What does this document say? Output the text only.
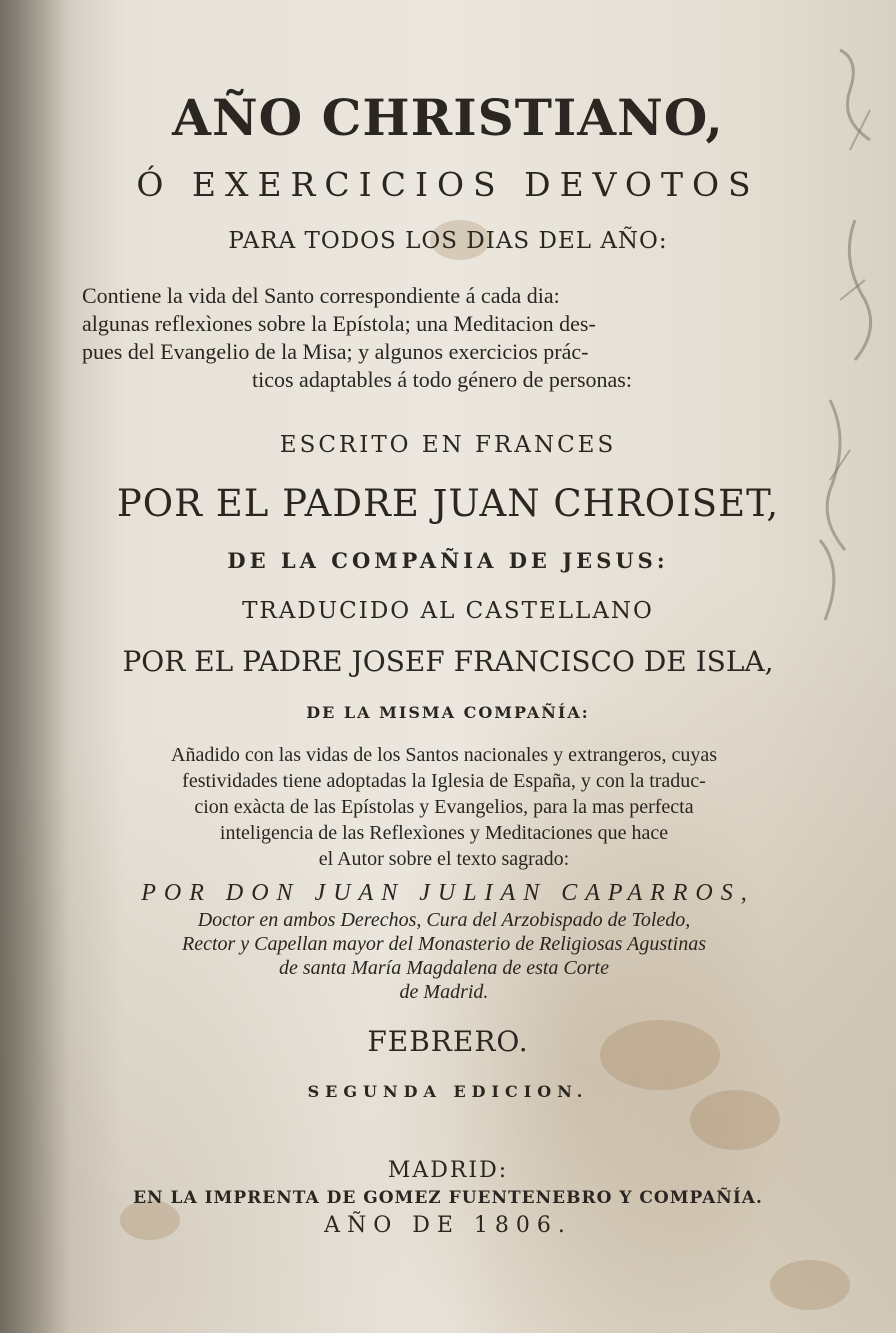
AÑO CHRISTIANO,
Ó EXERCICIOS DEVOTOS
PARA TODOS LOS DIAS DEL AÑO:
Contiene la vida del Santo correspondiente á cada dia:
algunas reflexìones sobre la Epístola; una Meditacion des-
pues del Evangelio de la Misa; y algunos exercicios prác-
ticos adaptables á todo género de personas:
ESCRITO EN FRANCES
POR EL PADRE JUAN CHROISET,
DE LA COMPAÑIA DE JESUS:
TRADUCIDO AL CASTELLANO
POR EL PADRE JOSEF FRANCISCO DE ISLA,
DE LA MISMA COMPAÑÍA:
Añadido con las vidas de los Santos nacionales y extrangeros, cuyas
festividades tiene adoptadas la Iglesia de España, y con la traduc-
cion exàcta de las Epístolas y Evangelios, para la mas perfecta
inteligencia de las Reflexìones y Meditaciones que hace
el Autor sobre el texto sagrado:
POR DON JUAN JULIAN CAPARROS,
Doctor en ambos Derechos, Cura del Arzobispado de Toledo,
Rector y Capellan mayor del Monasterio de Religiosas Agustinas
de santa María Magdalena de esta Corte
de Madrid.
FEBRERO.
SEGUNDA EDICION.
MADRID:
EN LA IMPRENTA DE GOMEZ FUENTENEBRO Y COMPAÑÍA.
AÑO DE 1806.
